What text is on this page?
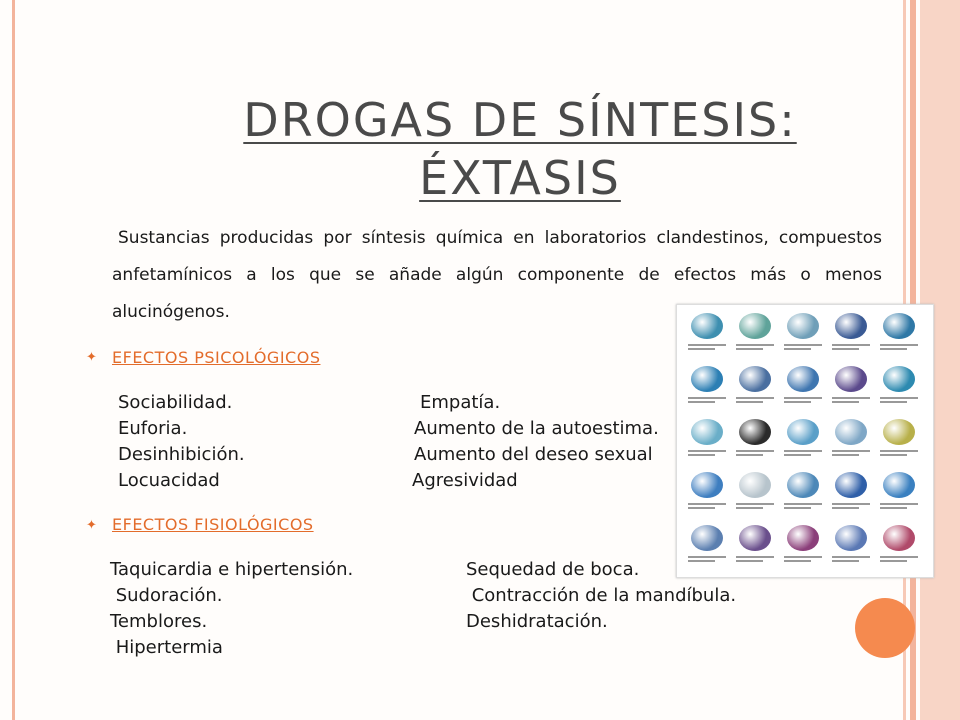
DROGAS DE SÍNTESIS:
ÉXTASIS
Sustancias producidas por síntesis química en laboratorios clandestinos, compuestos anfetamínicos a los que se añade algún componente de efectos más o menos alucinógenos.
✦ EFECTOS PSICOLÓGICOS
Sociabilidad.	Empatía.
Euforia.	Aumento de la autoestima.
Desinhibición.	Aumento del deseo sexual
Locuacidad	Agresividad
✦ EFECTOS FISIOLÓGICOS
Taquicardia e hipertensión.	Sequedad de boca.
Sudoración.	Contracción de la mandíbula.
Temblores.	Deshidratación.
Hipertermia
